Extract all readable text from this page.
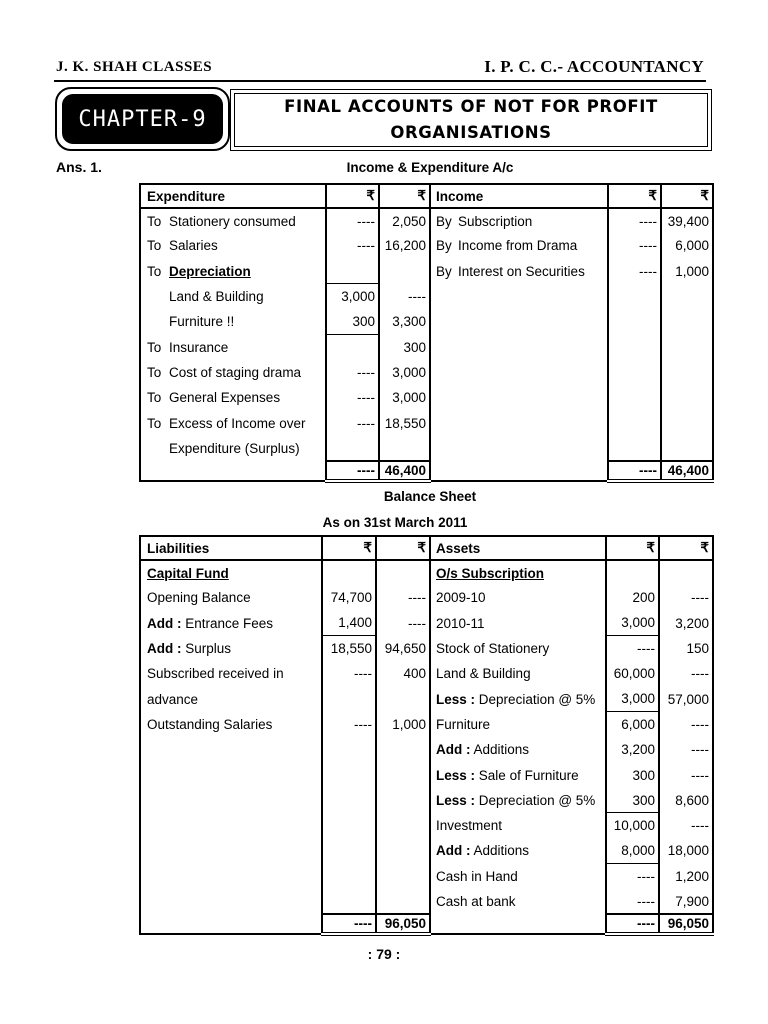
J. K. SHAH CLASSES	I. P. C. C.- ACCOUNTANCY
CHAPTER-9	FINAL ACCOUNTS OF NOT FOR PROFIT ORGANISATIONS
Ans. 1.	Income & Expenditure A/c
Expenditure	₹	₹	Income	₹	₹
To Stationery consumed	----	2,050	By Subscription	----	39,400
To Salaries	----	16,200	By Income from Drama	----	6,000
To Depreciation			By Interest on Securities	----	1,000
Land & Building	3,000	----			
Furniture !!	300	3,300			
To Insurance		300			
To Cost of staging drama	----	3,000			
To General Expenses	----	3,000			
To Excess of Income over	----	18,550			
Expenditure (Surplus)					
	----	46,400		----	46,400
Balance Sheet
As on 31st March 2011
Liabilities	₹	₹	Assets	₹	₹
Capital Fund			O/s Subscription		
Opening Balance	74,700	----	2009-10	200	----
Add : Entrance Fees	1,400	----	2010-11	3,000	3,200
Add : Surplus	18,550	94,650	Stock of Stationery	----	150
Subscribed received in	----	400	Land & Building	60,000	----
advance			Less : Depreciation @ 5%	3,000	57,000
Outstanding Salaries	----	1,000	Furniture	6,000	----
			Add : Additions	3,200	----
			Less : Sale of Furniture	300	----
			Less : Depreciation @ 5%	300	8,600
			Investment	10,000	----
			Add : Additions	8,000	18,000
			Cash in Hand	----	1,200
			Cash at bank	----	7,900
	----	96,050		----	96,050
: 79 :
